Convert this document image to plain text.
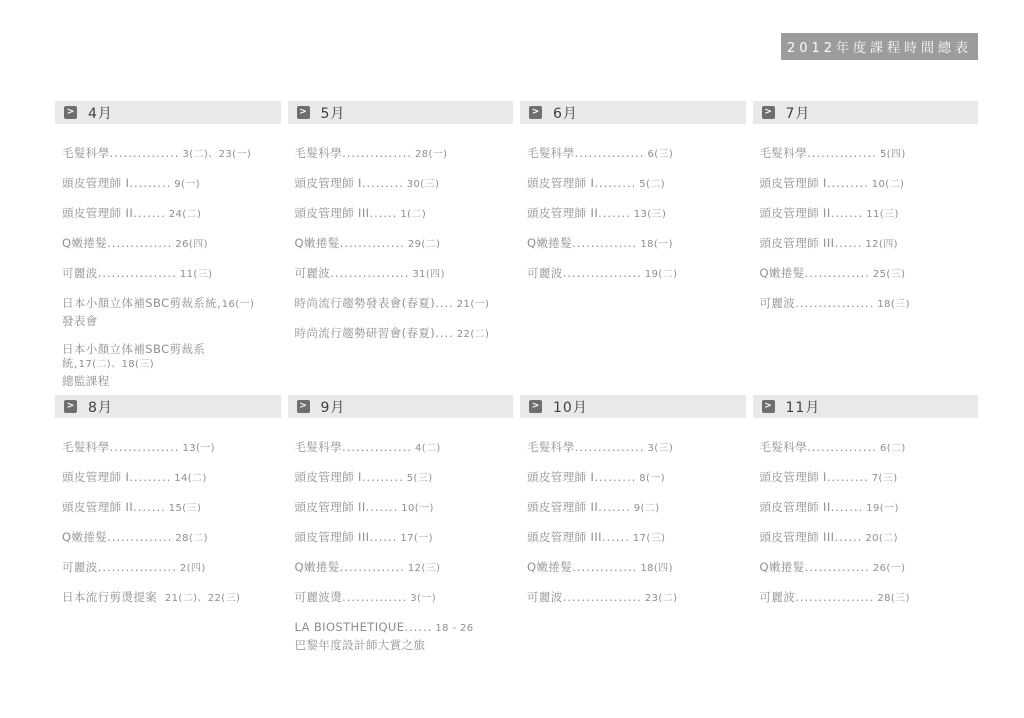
2012年度課程時間總表
> 4月
毛髮科學............... 3(二)、23(一)
頭皮管理師 I......... 9(一)
頭皮管理師 II....... 24(二)
Q嫩捲髮.............. 26(四)
可麗波................. 11(三)
日本小顏立体補SBC剪裁系統,16(一)
發表會
日本小顏立体補SBC剪裁系統,17(二)、18(三)
總監課程
> 5月
毛髮科學............... 28(一)
頭皮管理師 I......... 30(三)
頭皮管理師 III...... 1(二)
Q嫩捲髮.............. 29(二)
可麗波................. 31(四)
時尚流行趨勢發表會(春夏).... 21(一)
時尚流行趨勢研習會(春夏).... 22(二)
> 6月
毛髮科學............... 6(三)
頭皮管理師 I......... 5(二)
頭皮管理師 II....... 13(三)
Q嫩捲髮.............. 18(一)
可麗波................. 19(二)
> 7月
毛髮科學............... 5(四)
頭皮管理師 I......... 10(二)
頭皮管理師 II....... 11(三)
頭皮管理師 III...... 12(四)
Q嫩捲髮.............. 25(三)
可麗波................. 18(三)
> 8月
毛髮科學............... 13(一)
頭皮管理師 I......... 14(二)
頭皮管理師 II....... 15(三)
Q嫩捲髮.............. 28(二)
可麗波................. 2(四)
日本流行剪燙提案 21(二)、22(三)
> 9月
毛髮科學............... 4(二)
頭皮管理師 I......... 5(三)
頭皮管理師 II....... 10(一)
頭皮管理師 III...... 17(一)
Q嫩捲髮.............. 12(三)
可麗波燙.............. 3(一)
LA BIOSTHETIQUE...... 18 - 26
巴黎年度設計師大賞之旅
> 10月
毛髮科學............... 3(三)
頭皮管理師 I......... 8(一)
頭皮管理師 II....... 9(二)
頭皮管理師 III...... 17(三)
Q嫩捲髮.............. 18(四)
可麗波................. 23(二)
> 11月
毛髮科學............... 6(二)
頭皮管理師 I......... 7(三)
頭皮管理師 II....... 19(一)
頭皮管理師 III...... 20(二)
Q嫩捲髮.............. 26(一)
可麗波................. 28(三)
